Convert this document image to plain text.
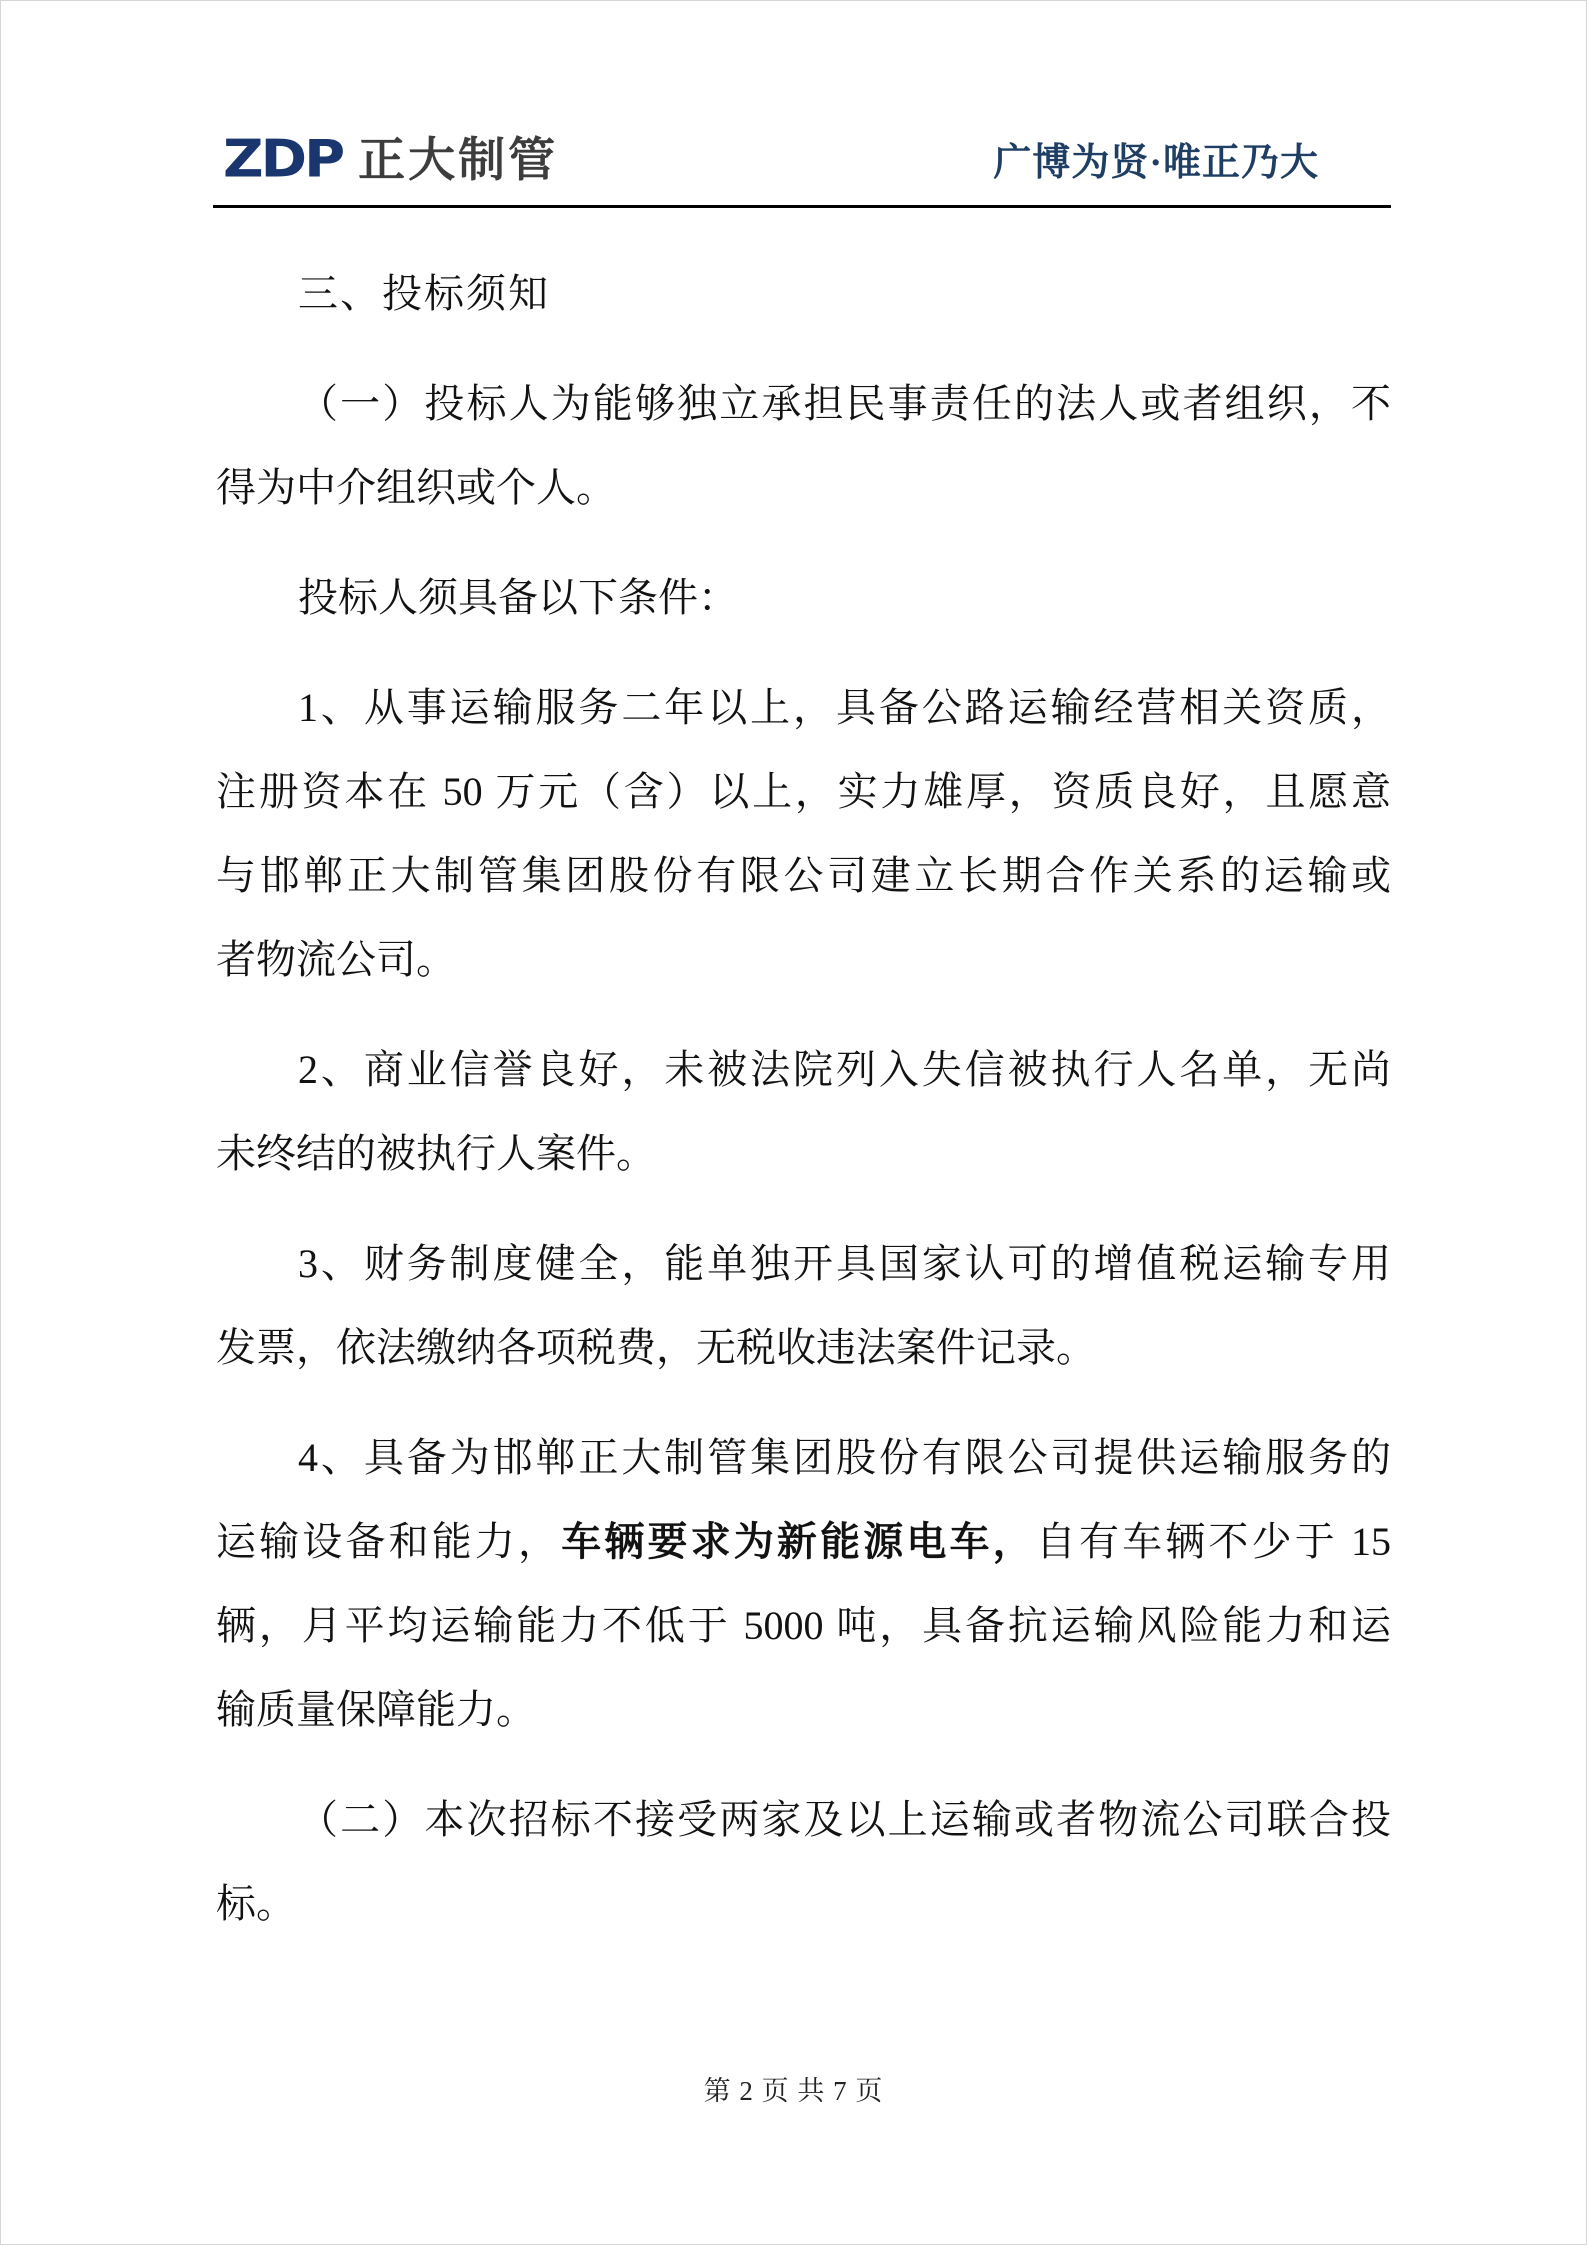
ZDP 正大制管	广博为贤·唯正乃大
三、投标须知
（一）投标人为能够独立承担民事责任的法人或者组织，不
得为中介组织或个人。
投标人须具备以下条件：
1、从事运输服务二年以上，具备公路运输经营相关资质，
注册资本在 50 万元（含）以上，实力雄厚，资质良好，且愿意
与邯郸正大制管集团股份有限公司建立长期合作关系的运输或
者物流公司。
2、商业信誉良好，未被法院列入失信被执行人名单，无尚
未终结的被执行人案件。
3、财务制度健全，能单独开具国家认可的增值税运输专用
发票，依法缴纳各项税费，无税收违法案件记录。
4、具备为邯郸正大制管集团股份有限公司提供运输服务的
运输设备和能力，车辆要求为新能源电车，自有车辆不少于 15
辆，月平均运输能力不低于 5000 吨，具备抗运输风险能力和运
输质量保障能力。
（二）本次招标不接受两家及以上运输或者物流公司联合投
标。
第 2 页 共 7 页
